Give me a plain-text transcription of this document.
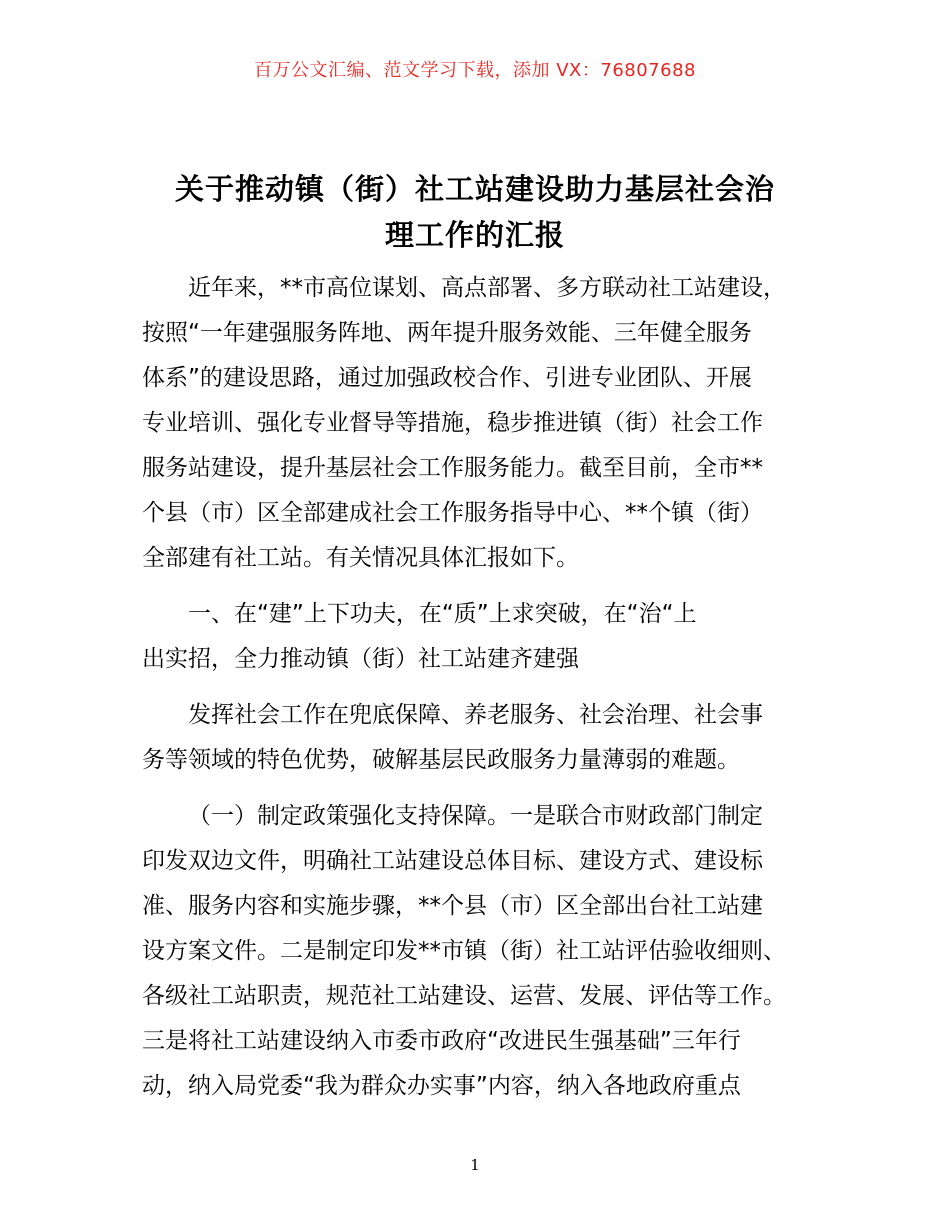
百万公文汇编、范文学习下载，添加 VX：76807688
关于推动镇（街）社工站建设助力基层社会治
理工作的汇报
近年来，**市高位谋划、高点部署、多方联动社工站建设，
按照“一年建强服务阵地、两年提升服务效能、三年健全服务
体系”的建设思路，通过加强政校合作、引进专业团队、开展
专业培训、强化专业督导等措施，稳步推进镇（街）社会工作
服务站建设，提升基层社会工作服务能力。截至目前，全市**
个县（市）区全部建成社会工作服务指导中心、**个镇（街）
全部建有社工站。有关情况具体汇报如下。
一、在“建”上下功夫，在“质”上求突破，在“治“上
出实招，全力推动镇（街）社工站建齐建强
发挥社会工作在兜底保障、养老服务、社会治理、社会事
务等领域的特色优势，破解基层民政服务力量薄弱的难题。
（一）制定政策强化支持保障。一是联合市财政部门制定
印发双边文件，明确社工站建设总体目标、建设方式、建设标
准、服务内容和实施步骤，**个县（市）区全部出台社工站建
设方案文件。二是制定印发**市镇（街）社工站评估验收细则、
各级社工站职责，规范社工站建设、运营、发展、评估等工作。
三是将社工站建设纳入市委市政府“改进民生强基础”三年行
动，纳入局党委“我为群众办实事”内容，纳入各地政府重点
1
